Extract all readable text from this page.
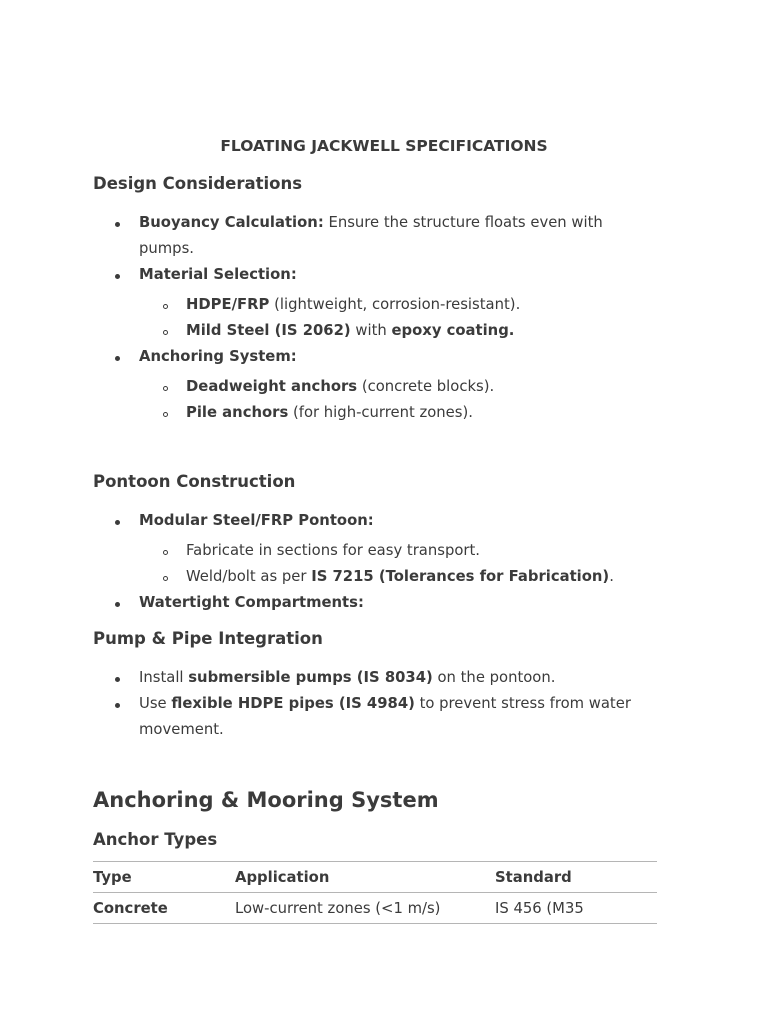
FLOATING JACKWELL SPECIFICATIONS

Design Considerations

Buoyancy Calculation: Ensure the structure floats even with
pumps.

Material Selection:

HDPE/FRP (lightweight, corrosion-resistant).

Mild Steel (IS 2062) with epoxy coating.

Anchoring System:

Deadweight anchors (concrete blocks).

Pile anchors (for high-current zones).

Pontoon Construction

Modular Steel/FRP Pontoon:

Fabricate in sections for easy transport.

Weld/bolt as per IS 7215 (Tolerances for Fabrication).

Watertight Compartments:

Pump & Pipe Integration

Install submersible pumps (IS 8034) on the pontoon.

Use flexible HDPE pipes (IS 4984) to prevent stress from water
movement.

Anchoring & Mooring System

Anchor Types

Type	Application	Standard
Concrete	Low-current zones (<1 m/s)	IS 456 (M35
